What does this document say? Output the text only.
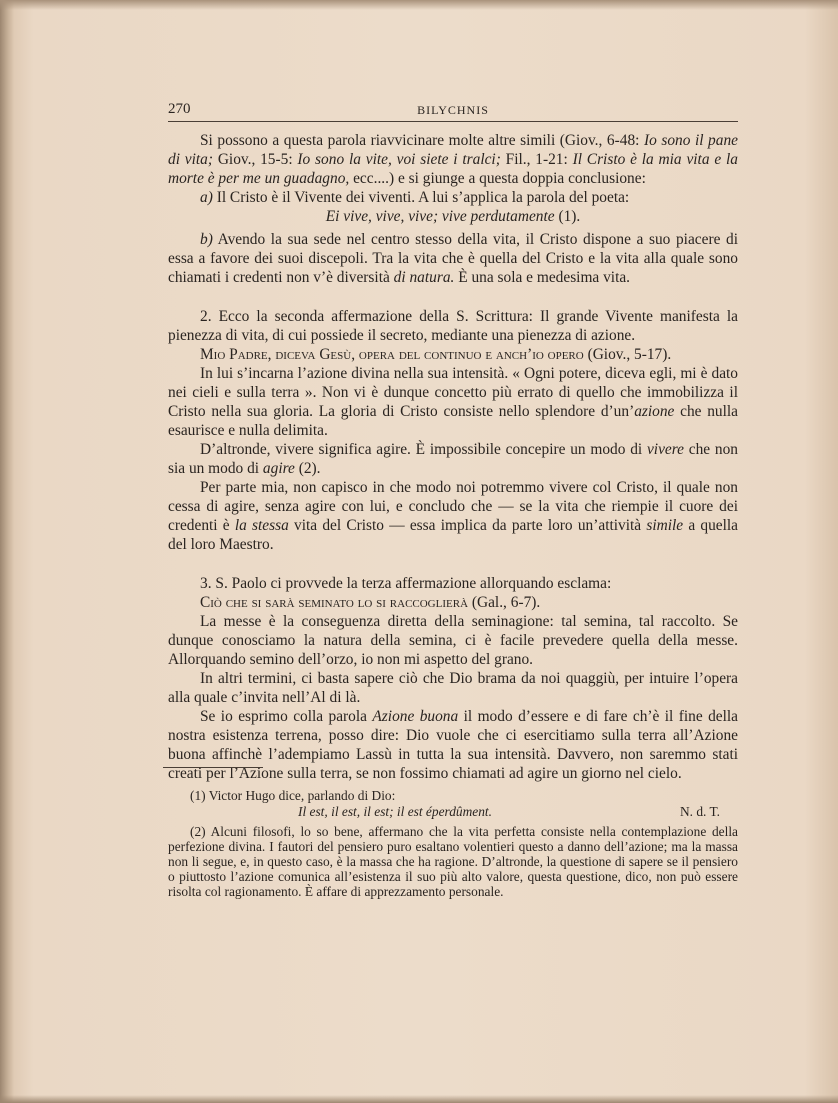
270	BILYCHNIS

Si possono a questa parola riavvicinare molte altre simili (Giov., 6-48: Io sono il pane di vita; Giov., 15-5: Io sono la vite, voi siete i tralci; Fil., 1-21: Il Cristo è la mia vita e la morte è per me un guadagno, ecc....) e si giunge a questa doppia conclusione:

a) Il Cristo è il Vivente dei viventi. A lui s’applica la parola del poeta:

Ei vive, vive, vive; vive perdutamente (1).

b) Avendo la sua sede nel centro stesso della vita, il Cristo dispone a suo piacere di essa a favore dei suoi discepoli. Tra la vita che è quella del Cristo e la vita alla quale sono chiamati i credenti non v’è diversità di natura. È una sola e medesima vita.

2. Ecco la seconda affermazione della S. Scrittura: Il grande Vivente manifesta la pienezza di vita, di cui possiede il secreto, mediante una pienezza di azione.

Mio Padre, diceva Gesù, opera del continuo e anch’io opero (Giov., 5-17).

In lui s’incarna l’azione divina nella sua intensità. « Ogni potere, diceva egli, mi è dato nei cieli e sulla terra ». Non vi è dunque concetto più errato di quello che immobilizza il Cristo nella sua gloria. La gloria di Cristo consiste nello splendore d’un’azione che nulla esaurisce e nulla delimita.

D’altronde, vivere significa agire. È impossibile concepire un modo di vivere che non sia un modo di agire (2).

Per parte mia, non capisco in che modo noi potremmo vivere col Cristo, il quale non cessa di agire, senza agire con lui, e concludo che — se la vita che riempie il cuore dei credenti è la stessa vita del Cristo — essa implica da parte loro un’attività simile a quella del loro Maestro.

3. S. Paolo ci provvede la terza affermazione allorquando esclama:

Ciò che si sarà seminato lo si raccoglierà (Gal., 6-7).

La messe è la conseguenza diretta della seminagione: tal semina, tal raccolto. Se dunque conosciamo la natura della semina, ci è facile prevedere quella della messe. Allorquando semino dell’orzo, io non mi aspetto del grano.

In altri termini, ci basta sapere ciò che Dio brama da noi quaggiù, per intuire l’opera alla quale c’invita nell’Al di là.

Se io esprimo colla parola Azione buona il modo d’essere e di fare ch’è il fine della nostra esistenza terrena, posso dire: Dio vuole che ci esercitiamo sulla terra all’Azione buona affinchè l’adempiamo Lassù in tutta la sua intensità. Davvero, non saremmo stati creati per l’Azione sulla terra, se non fossimo chiamati ad agire un giorno nel cielo.

(1) Victor Hugo dice, parlando di Dio:

Il est, il est, il est; il est éperdûment.	N. d. T.

(2) Alcuni filosofi, lo so bene, affermano che la vita perfetta consiste nella contemplazione della perfezione divina. I fautori del pensiero puro esaltano volentieri questo a danno dell’azione; ma la massa non li segue, e, in questo caso, è la massa che ha ragione. D’altronde, la questione di sapere se il pensiero o piuttosto l’azione comunica all’esistenza il suo più alto valore, questa questione, dico, non può essere risolta col ragionamento. È affare di apprezzamento personale.
